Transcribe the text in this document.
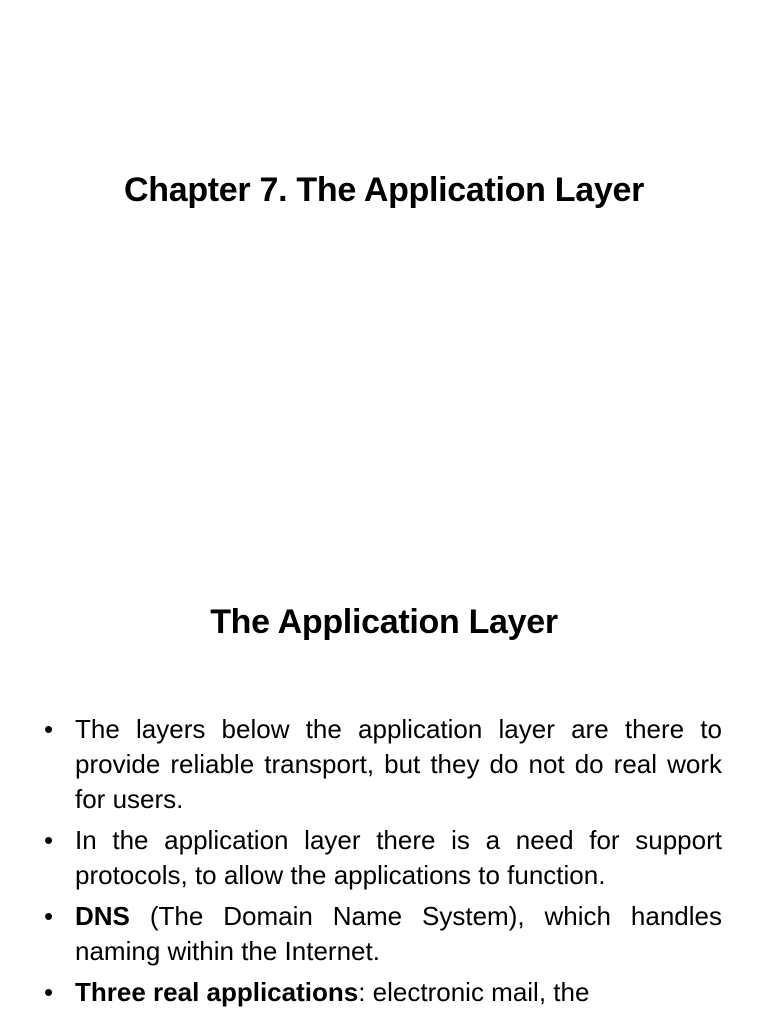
Chapter 7. The Application Layer
The Application Layer
• The layers below the application layer are there to provide reliable transport, but they do not do real work for users.
• In the application layer there is a need for support protocols, to allow the applications to function.
• DNS (The Domain Name System), which handles naming within the Internet.
• Three real applications: electronic mail, the
